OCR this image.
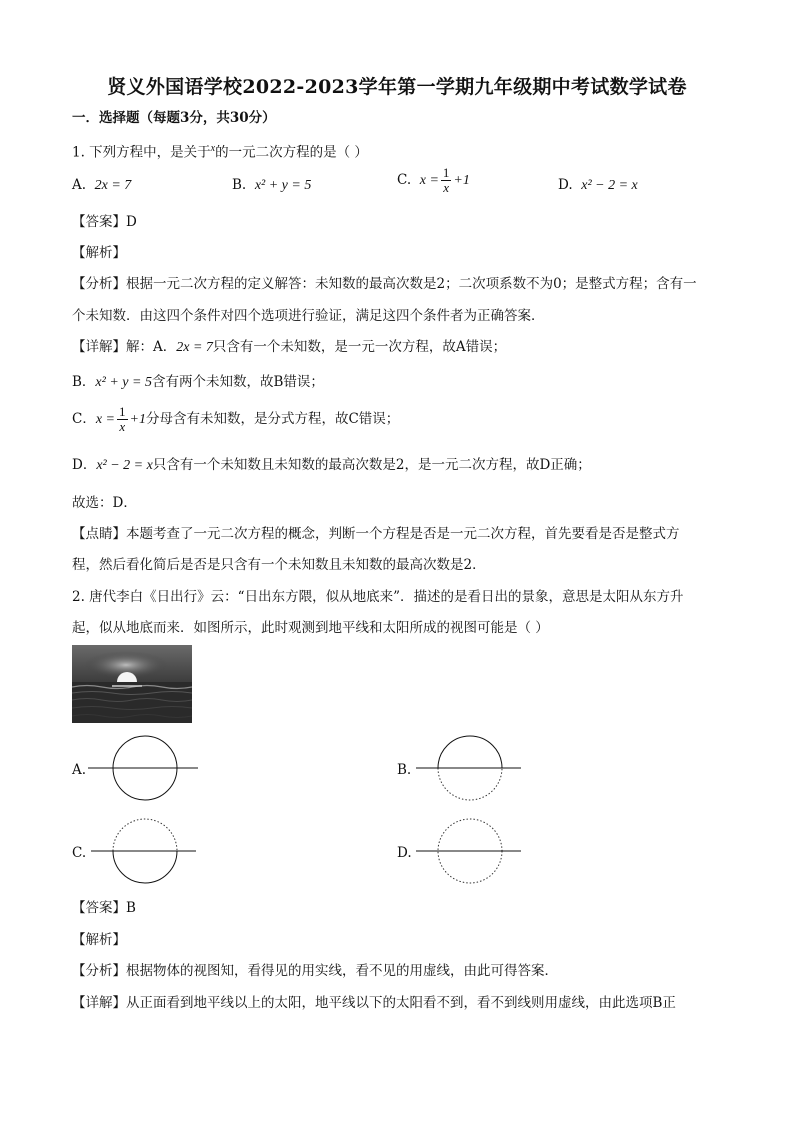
贤义外国语学校2022-2023学年第一学期九年级期中考试数学试卷
一．选择题（每题3分，共30分）
1. 下列方程中，是关于$^x$的一元二次方程的是（ ）
A. 2x = 7	B. x² + y = 5	C. $x = \frac{1}{x} +1$	D. x² − 2 = x
【答案】D
【解析】
【分析】根据一元二次方程的定义解答：未知数的最高次数是2；二次项系数不为0；是整式方程；含有一
个未知数．由这四个条件对四个选项进行验证，满足这四个条件者为正确答案．
【详解】解：A．2x = 7只含有一个未知数，是一元一次方程，故A错误；
B．x² + y = 5含有两个未知数，故B错误；
C．$x = \frac{1}{x} +1$分母含有未知数，是分式方程，故C错误；
D．x² − 2 = x只含有一个未知数且未知数的最高次数是2，是一元二次方程，故D正确；
故选：D．
【点睛】本题考查了一元二次方程的概念，判断一个方程是否是一元二次方程，首先要看是否是整式方
程，然后看化简后是否是只含有一个未知数且未知数的最高次数是2．
2. 唐代李白《日出行》云：“日出东方隈，似从地底来”．描述的是看日出的景象，意思是太阳从东方升
起，似从地底而来．如图所示，此时观测到地平线和太阳所成的视图可能是（ ）
A.	B.
C.	D.
【答案】B
【解析】
【分析】根据物体的视图知，看得见的用实线，看不见的用虚线，由此可得答案．
【详解】从正面看到地平线以上的太阳，地平线以下的太阳看不到，看不到线则用虚线，由此选项B正
